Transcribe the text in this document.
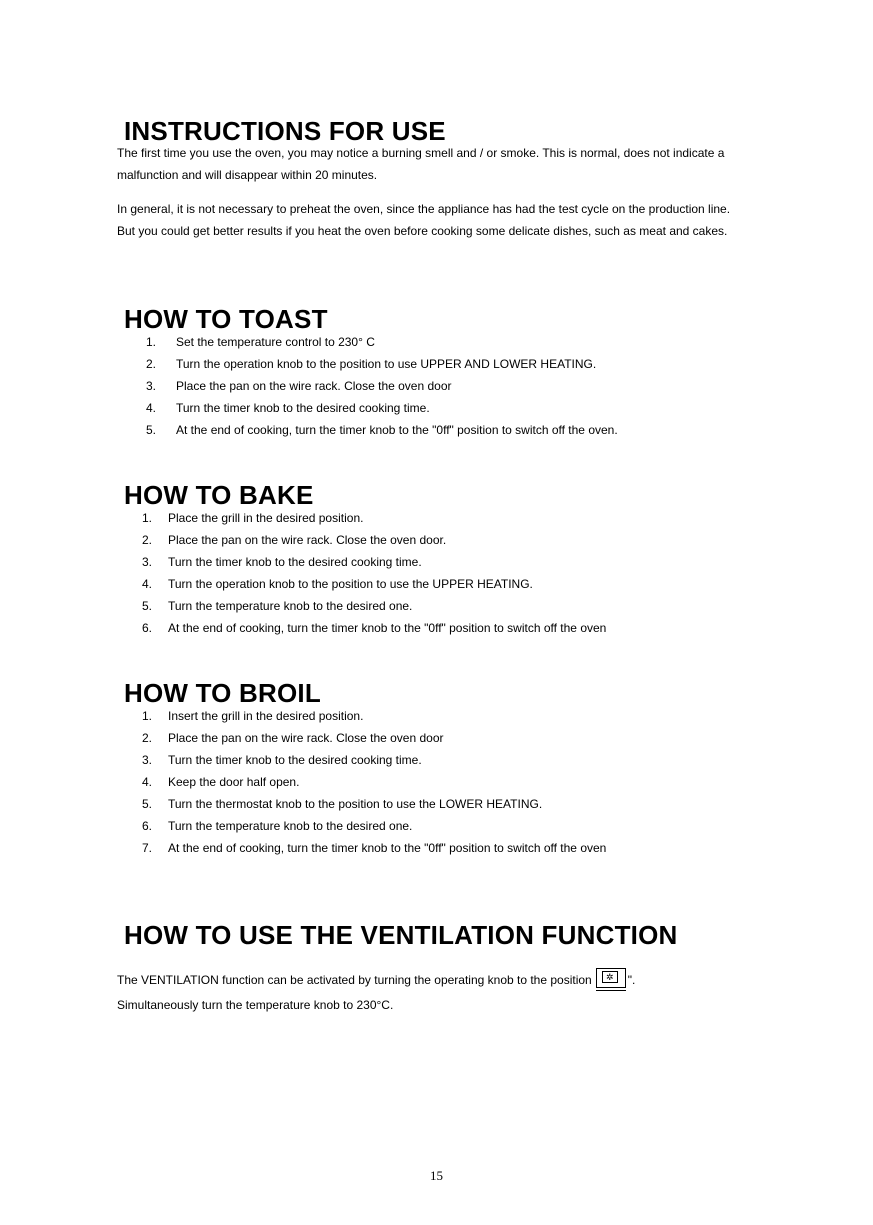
INSTRUCTIONS FOR USE

The first time you use the oven, you may notice a burning smell and / or smoke. This is normal, does not indicate a

malfunction and will disappear within 20 minutes.

In general, it is not necessary to preheat the oven, since the appliance has had the test cycle on the production line.

But you could get better results if you heat the oven before cooking some delicate dishes, such as meat and cakes.

HOW TO TOAST
1.	Set the temperature control to 230° C
2.	Turn the operation knob to the position to use UPPER AND LOWER HEATING.
3.	Place the pan on the wire rack. Close the oven door
4.	Turn the timer knob to the desired cooking time.
5.	At the end of cooking, turn the timer knob to the "0ff" position to switch off the oven.
HOW TO BAKE
1.	Place the grill in the desired position.
2.	Place the pan on the wire rack. Close the oven door.
3.	Turn the timer knob to the desired cooking time.
4.	Turn the operation knob to the position to use the UPPER HEATING.
5.	Turn the temperature knob to the desired one.
6.	At the end of cooking, turn the timer knob to the "0ff" position to switch off the oven
HOW TO BROIL
1.	Insert the grill in the desired position.
2.	Place the pan on the wire rack. Close the oven door
3.	Turn the timer knob to the desired cooking time.
4.	Keep the door half open.
5.	Turn the thermostat knob to the position to use the LOWER HEATING.
6.	Turn the temperature knob to the desired one.
7.	At the end of cooking, turn the timer knob to the "0ff" position to switch off the oven
HOW TO USE THE VENTILATION FUNCTION

The VENTILATION function can be activated by turning the operating knob to the position	✲	".

Simultaneously turn the temperature knob to 230°C.

15
